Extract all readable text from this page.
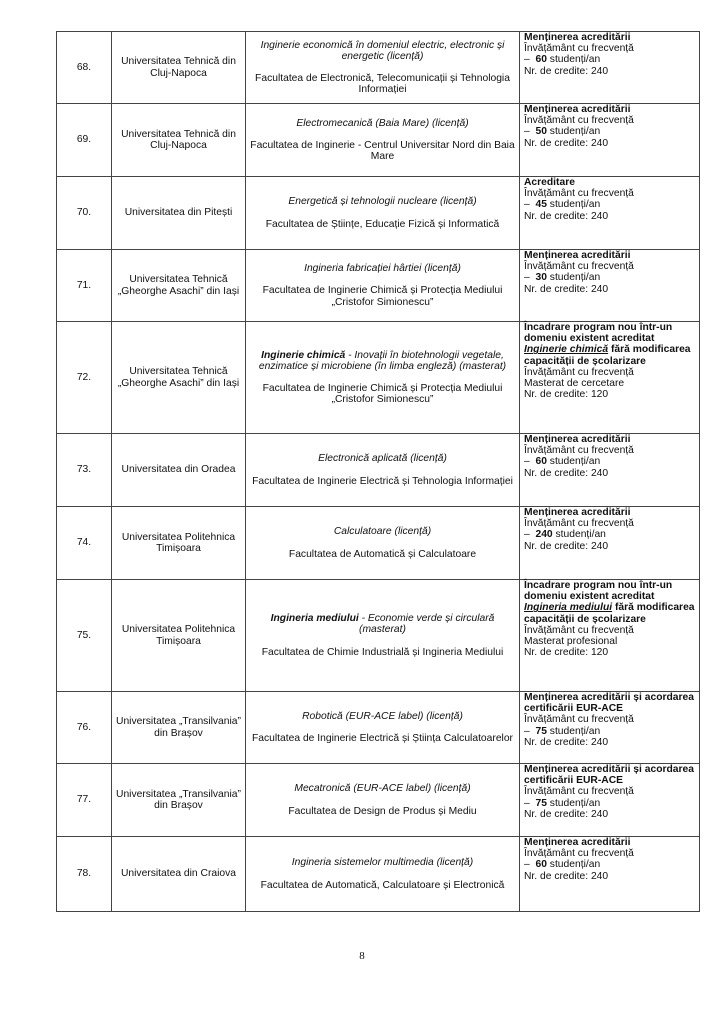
68.	Universitatea Tehnică din Cluj-Napoca	Inginerie economică în domeniul electric, electronic și energetic (licență)
Facultatea de Electronică, Telecomunicații și Tehnologia Informației	Menținerea acreditării
Învățământ cu frecvență
– 60 studenți/an
Nr. de credite: 240

69.	Universitatea Tehnică din Cluj-Napoca	Electromecanică (Baia Mare) (licență)
Facultatea de Inginerie - Centrul Universitar Nord din Baia Mare	Menținerea acreditării
Învățământ cu frecvență
– 50 studenți/an
Nr. de credite: 240

70.	Universitatea din Pitești	Energetică și tehnologii nucleare (licență)
Facultatea de Științe, Educație Fizică și Informatică	Acreditare
Învățământ cu frecvență
– 45 studenți/an
Nr. de credite: 240

71.	Universitatea Tehnică „Gheorghe Asachi” din Iași	Ingineria fabricației hârtiei (licență)
Facultatea de Inginerie Chimică și Protecția Mediului „Cristofor Simionescu”	Menținerea acreditării
Învățământ cu frecvență
– 30 studenți/an
Nr. de credite: 240

72.	Universitatea Tehnică „Gheorghe Asachi” din Iași	Inginerie chimică - Inovații în biotehnologii vegetale, enzimatice și microbiene (în limba engleză) (masterat)
Facultatea de Inginerie Chimică și Protecția Mediului „Cristofor Simionescu”	Încadrare program nou într-un domeniu existent acreditat Inginerie chimică fără modificarea capacității de școlarizare
Învățământ cu frecvență
Masterat de cercetare
Nr. de credite: 120

73.	Universitatea din Oradea	Electronică aplicată (licență)
Facultatea de Inginerie Electrică și Tehnologia Informației	Menținerea acreditării
Învățământ cu frecvență
– 60 studenți/an
Nr. de credite: 240

74.	Universitatea Politehnica Timișoara	Calculatoare (licență)
Facultatea de Automatică și Calculatoare	Menținerea acreditării
Învățământ cu frecvență
– 240 studenți/an
Nr. de credite: 240

75.	Universitatea Politehnica Timișoara	Ingineria mediului - Economie verde și circulară (masterat)
Facultatea de Chimie Industrială și Ingineria Mediului	Încadrare program nou într-un domeniu existent acreditat Ingineria mediului fără modificarea capacității de școlarizare
Învățământ cu frecvență
Masterat profesional
Nr. de credite: 120

76.	Universitatea „Transilvania” din Brașov	Robotică (EUR-ACE label) (licență)
Facultatea de Inginerie Electrică și Știința Calculatoarelor	Menținerea acreditării și acordarea certificării EUR-ACE
Învățământ cu frecvență
– 75 studenți/an
Nr. de credite: 240

77.	Universitatea „Transilvania” din Brașov	Mecatronică (EUR-ACE label) (licență)
Facultatea de Design de Produs și Mediu	Menținerea acreditării și acordarea certificării EUR-ACE
Învățământ cu frecvență
– 75 studenți/an
Nr. de credite: 240

78.	Universitatea din Craiova	Ingineria sistemelor multimedia (licență)
Facultatea de Automatică, Calculatoare și Electronică	Menținerea acreditării
Învățământ cu frecvență
– 60 studenți/an
Nr. de credite: 240
8
